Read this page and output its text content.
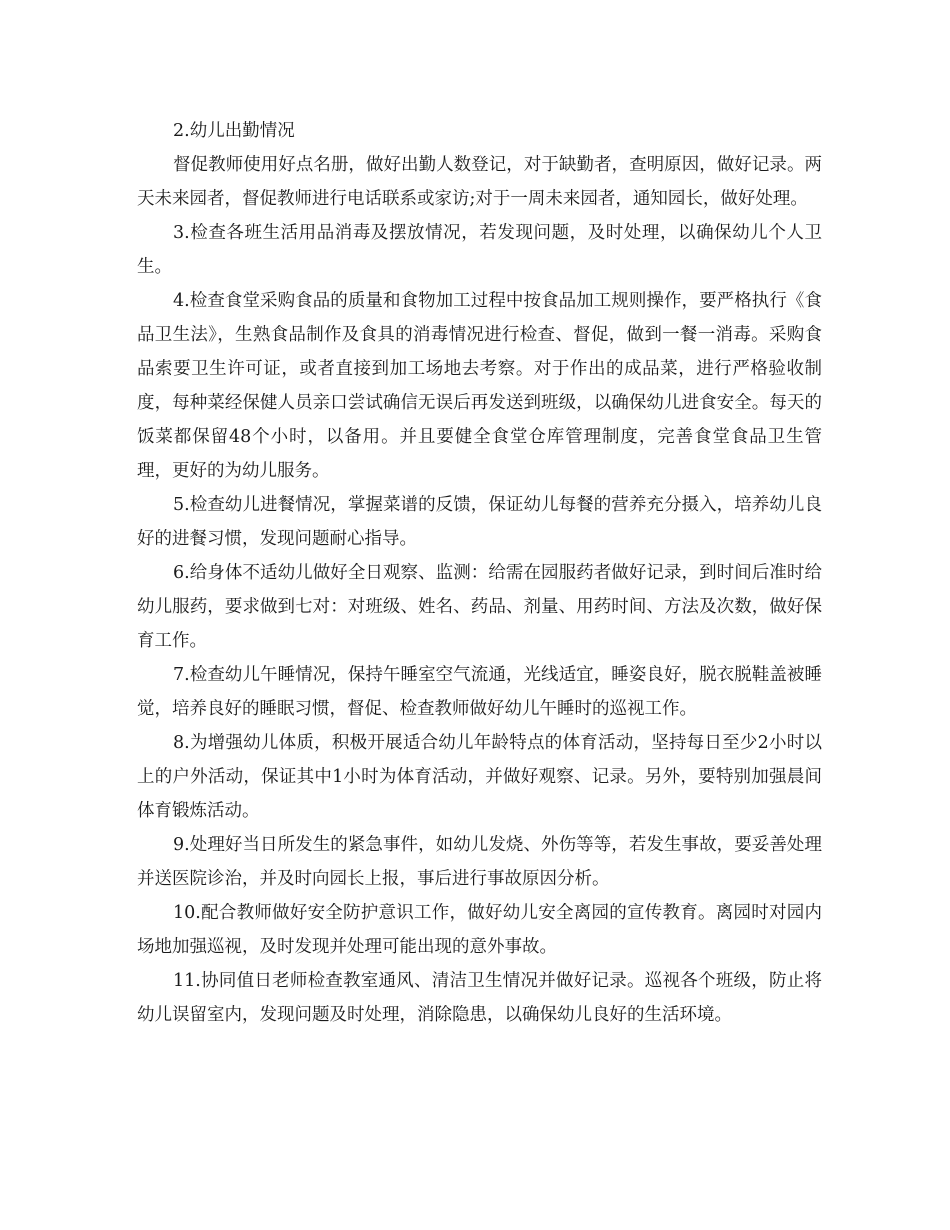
2.幼儿出勤情况

督促教师使用好点名册，做好出勤人数登记，对于缺勤者，查明原因，做好记录。两天未来园者，督促教师进行电话联系或家访;对于一周未来园者，通知园长，做好处理。

3.检查各班生活用品消毒及摆放情况，若发现问题，及时处理，以确保幼儿个人卫生。

4.检查食堂采购食品的质量和食物加工过程中按食品加工规则操作，要严格执行《食品卫生法》，生熟食品制作及食具的消毒情况进行检查、督促，做到一餐一消毒。采购食品索要卫生许可证，或者直接到加工场地去考察。对于作出的成品菜，进行严格验收制度，每种菜经保健人员亲口尝试确信无误后再发送到班级，以确保幼儿进食安全。每天的饭菜都保留48个小时，以备用。并且要健全食堂仓库管理制度，完善食堂食品卫生管理，更好的为幼儿服务。

5.检查幼儿进餐情况，掌握菜谱的反馈，保证幼儿每餐的营养充分摄入，培养幼儿良好的进餐习惯，发现问题耐心指导。

6.给身体不适幼儿做好全日观察、监测：给需在园服药者做好记录，到时间后准时给幼儿服药，要求做到七对：对班级、姓名、药品、剂量、用药时间、方法及次数，做好保育工作。

7.检查幼儿午睡情况，保持午睡室空气流通，光线适宜，睡姿良好，脱衣脱鞋盖被睡觉，培养良好的睡眠习惯，督促、检查教师做好幼儿午睡时的巡视工作。

8.为增强幼儿体质，积极开展适合幼儿年龄特点的体育活动，坚持每日至少2小时以上的户外活动，保证其中1小时为体育活动，并做好观察、记录。另外，要特别加强晨间体育锻炼活动。

9.处理好当日所发生的紧急事件，如幼儿发烧、外伤等等，若发生事故，要妥善处理并送医院诊治，并及时向园长上报，事后进行事故原因分析。

10.配合教师做好安全防护意识工作，做好幼儿安全离园的宣传教育。离园时对园内场地加强巡视，及时发现并处理可能出现的意外事故。

11.协同值日老师检查教室通风、清洁卫生情况并做好记录。巡视各个班级，防止将幼儿误留室内，发现问题及时处理，消除隐患，以确保幼儿良好的生活环境。
